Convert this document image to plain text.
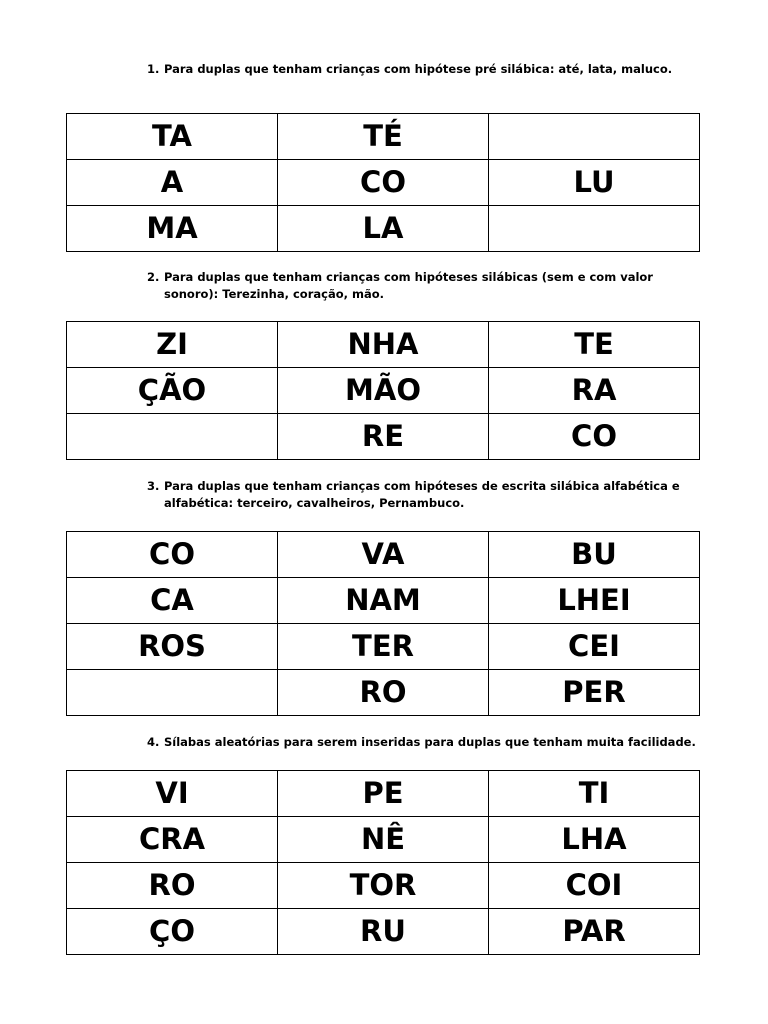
1. Para duplas que tenham crianças com hipótese pré silábica: até, lata, maluco.
TA	TÉ	
A	CO	LU
MA	LA	
2. Para duplas que tenham crianças com hipóteses silábicas (sem e com valor sonoro): Terezinha, coração, mão.
ZI	NHA	TE
ÇÃO	MÃO	RA
	RE	CO
3. Para duplas que tenham crianças com hipóteses de escrita silábica alfabética e alfabética: terceiro, cavalheiros, Pernambuco.
CO	VA	BU
CA	NAM	LHEI
ROS	TER	CEI
	RO	PER
4. Sílabas aleatórias para serem inseridas para duplas que tenham muita facilidade.
VI	PE	TI
CRA	NÊ	LHA
RO	TOR	COI
ÇO	RU	PAR
